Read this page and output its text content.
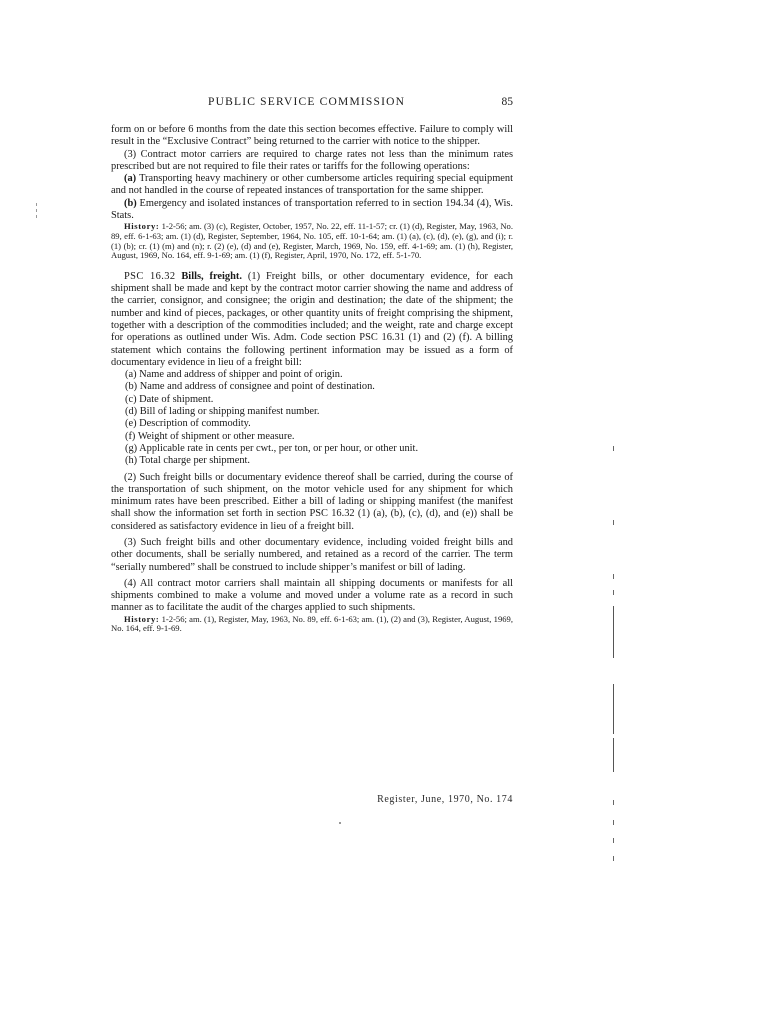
PUBLIC SERVICE COMMISSION	85

form on or before 6 months from the date this section becomes effective. Failure to comply will result in the “Exclusive Contract” being returned to the carrier with notice to the shipper.

(3) Contract motor carriers are required to charge rates not less than the minimum rates prescribed but are not required to file their rates or tariffs for the following operations:

(a) Transporting heavy machinery or other cumbersome articles requiring special equipment and not handled in the course of repeated instances of transportation for the same shipper.

(b) Emergency and isolated instances of transportation referred to in section 194.34 (4), Wis. Stats.

History: 1-2-56; am. (3) (c), Register, October, 1957, No. 22, eff. 11-1-57; cr. (1) (d), Register, May, 1963, No. 89, eff. 6-1-63; am. (1) (d), Register, September, 1964, No. 105, eff. 10-1-64; am. (1) (a), (c), (d), (e), (g), and (i); r. (1) (b); cr. (1) (m) and (n); r. (2) (e), (d) and (e), Register, March, 1969, No. 159, eff. 4-1-69; am. (1) (h), Register, August, 1969, No. 164, eff. 9-1-69; am. (1) (f), Register, April, 1970, No. 172, eff. 5-1-70.

PSC 16.32 Bills, freight. (1) Freight bills, or other documentary evidence, for each shipment shall be made and kept by the contract motor carrier showing the name and address of the carrier, consignor, and consignee; the origin and destination; the date of the shipment; the number and kind of pieces, packages, or other quantity units of freight comprising the shipment, together with a description of the commodities included; and the weight, rate and charge except for operations as outlined under Wis. Adm. Code section PSC 16.31 (1) and (2) (f). A billing statement which contains the following pertinent information may be issued as a form of documentary evidence in lieu of a freight bill:

(a) Name and address of shipper and point of origin.
(b) Name and address of consignee and point of destination.
(c) Date of shipment.
(d) Bill of lading or shipping manifest number.
(e) Description of commodity.
(f) Weight of shipment or other measure.
(g) Applicable rate in cents per cwt., per ton, or per hour, or other unit.
(h) Total charge per shipment.

(2) Such freight bills or documentary evidence thereof shall be carried, during the course of the transportation of such shipment, on the motor vehicle used for any shipment for which minimum rates have been prescribed. Either a bill of lading or shipping manifest (the manifest shall show the information set forth in section PSC 16.32 (1) (a), (b), (c), (d), and (e)) shall be considered as satisfactory evidence in lieu of a freight bill.

(3) Such freight bills and other documentary evidence, including voided freight bills and other documents, shall be serially numbered, and retained as a record of the carrier. The term “serially numbered” shall be construed to include shipper’s manifest or bill of lading.

(4) All contract motor carriers shall maintain all shipping documents or manifests for all shipments combined to make a volume and moved under a volume rate as a record in such manner as to facilitate the audit of the charges applied to such shipments.

History: 1-2-56; am. (1), Register, May, 1963, No. 89, eff. 6-1-63; am. (1), (2) and (3), Register, August, 1969, No. 164, eff. 9-1-69.

Register, June, 1970, No. 174
